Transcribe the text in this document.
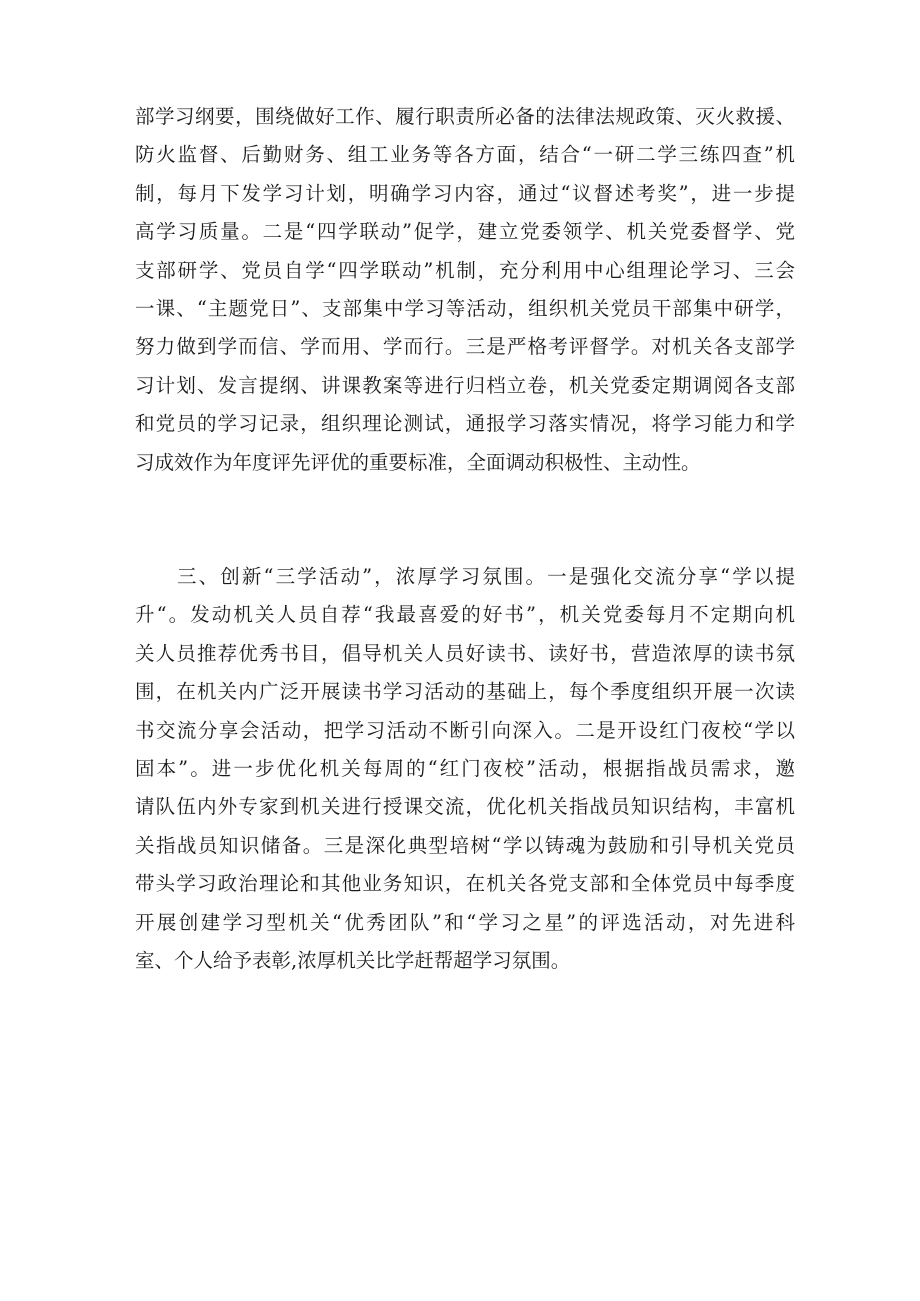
部学习纲要，围绕做好工作、履行职责所必备的法律法规政策、灭火救援、
防火监督、后勤财务、组工业务等各方面，结合“一研二学三练四查”机
制，每月下发学习计划，明确学习内容，通过“议督述考奖”，进一步提
高学习质量。二是“四学联动”促学，建立党委领学、机关党委督学、党
支部研学、党员自学“四学联动”机制，充分利用中心组理论学习、三会
一课、“主题党日”、支部集中学习等活动，组织机关党员干部集中研学，
努力做到学而信、学而用、学而行。三是严格考评督学。对机关各支部学
习计划、发言提纲、讲课教案等进行归档立卷，机关党委定期调阅各支部
和党员的学习记录，组织理论测试，通报学习落实情况，将学习能力和学
习成效作为年度评先评优的重要标准，全面调动积极性、主动性。
三、创新“三学活动”，浓厚学习氛围。一是强化交流分享“学以提
升“。发动机关人员自荐“我最喜爱的好书”，机关党委每月不定期向机
关人员推荐优秀书目，倡导机关人员好读书、读好书，营造浓厚的读书氛
围，在机关内广泛开展读书学习活动的基础上，每个季度组织开展一次读
书交流分享会活动，把学习活动不断引向深入。二是开设红门夜校“学以
固本”。进一步优化机关每周的“红门夜校”活动，根据指战员需求，邀
请队伍内外专家到机关进行授课交流，优化机关指战员知识结构，丰富机
关指战员知识储备。三是深化典型培树“学以铸魂为鼓励和引导机关党员
带头学习政治理论和其他业务知识，在机关各党支部和全体党员中每季度
开展创建学习型机关“优秀团队”和“学习之星”的评选活动，对先进科
室、个人给予表彰,浓厚机关比学赶帮超学习氛围。
